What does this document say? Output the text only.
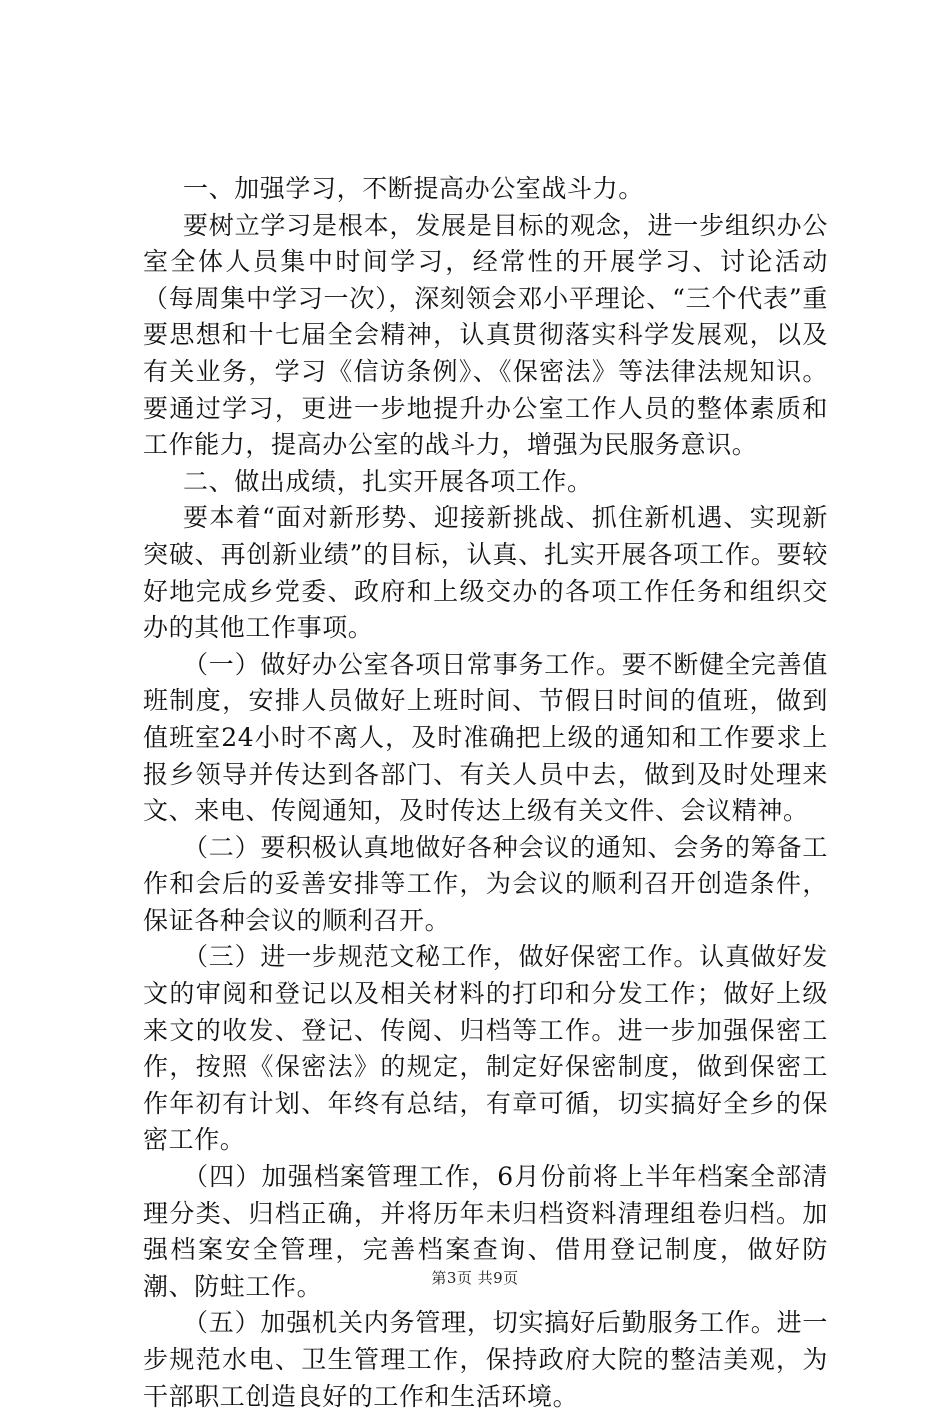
一、加强学习，不断提高办公室战斗力。

要树立学习是根本，发展是目标的观念，进一步组织办公室全体人员集中时间学习，经常性的开展学习、讨论活动（每周集中学习一次），深刻领会邓小平理论、“三个代表”重要思想和十七届全会精神，认真贯彻落实科学发展观，以及有关业务，学习《信访条例》、《保密法》等法律法规知识。要通过学习，更进一步地提升办公室工作人员的整体素质和工作能力，提高办公室的战斗力，增强为民服务意识。

二、做出成绩，扎实开展各项工作。

要本着“面对新形势、迎接新挑战、抓住新机遇、实现新突破、再创新业绩”的目标，认真、扎实开展各项工作。要较好地完成乡党委、政府和上级交办的各项工作任务和组织交办的其他工作事项。

（一）做好办公室各项日常事务工作。要不断健全完善值班制度，安排人员做好上班时间、节假日时间的值班，做到值班室24小时不离人，及时准确把上级的通知和工作要求上报乡领导并传达到各部门、有关人员中去，做到及时处理来文、来电、传阅通知，及时传达上级有关文件、会议精神。

（二）要积极认真地做好各种会议的通知、会务的筹备工作和会后的妥善安排等工作，为会议的顺利召开创造条件，保证各种会议的顺利召开。

（三）进一步规范文秘工作，做好保密工作。认真做好发文的审阅和登记以及相关材料的打印和分发工作；做好上级来文的收发、登记、传阅、归档等工作。进一步加强保密工作，按照《保密法》的规定，制定好保密制度，做到保密工作年初有计划、年终有总结，有章可循，切实搞好全乡的保密工作。

（四）加强档案管理工作，6月份前将上半年档案全部清理分类、归档正确，并将历年未归档资料清理组卷归档。加强档案安全管理，完善档案查询、借用登记制度，做好防潮、防蛀工作。

（五）加强机关内务管理，切实搞好后勤服务工作。进一步规范水电、卫生管理工作，保持政府大院的整洁美观，为干部职工创造良好的工作和生活环境。

第3页 共9页
